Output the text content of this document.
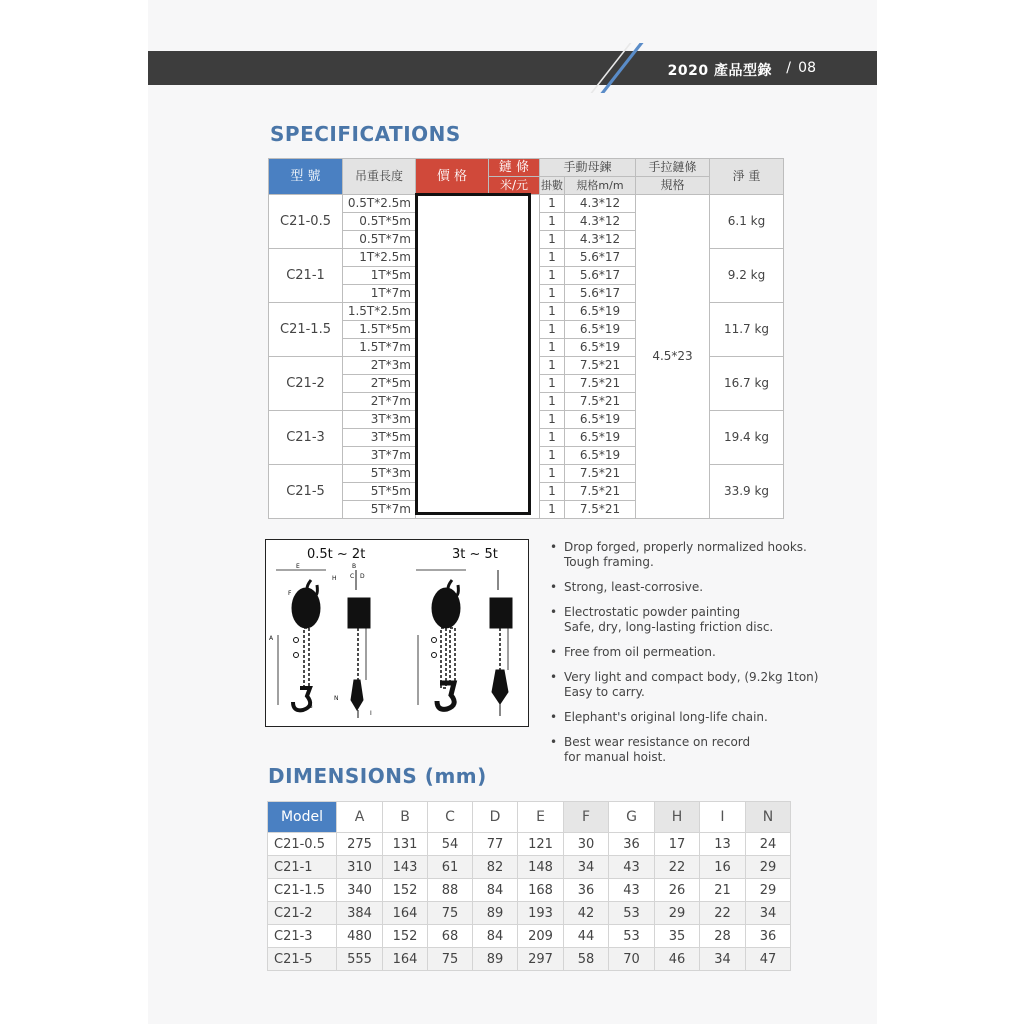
2020 產品型錄 / 08
SPECIFICATIONS
型 號	吊重長度	價 格	鏈 條	手動母鍊		手拉鏈條	淨 重
			米/元	掛數	規格m/m	規格	
C21-0.5	0.5T*2.5m			1	4.3*12	4.5*23	6.1 kg
	0.5T*5m			1	4.3*12		
	0.5T*7m			1	4.3*12		
C21-1	1T*2.5m			1	5.6*17		9.2 kg
	1T*5m			1	5.6*17		
	1T*7m			1	5.6*17		
C21-1.5	1.5T*2.5m			1	6.5*19		11.7 kg
	1.5T*5m			1	6.5*19		
	1.5T*7m			1	6.5*19		
C21-2	2T*3m			1	7.5*21		16.7 kg
	2T*5m			1	7.5*21		
	2T*7m			1	7.5*21		
C21-3	3T*3m			1	6.5*19		19.4 kg
	3T*5m			1	6.5*19		
	3T*7m			1	6.5*19		
C21-5	5T*3m			1	7.5*21		33.9 kg
	5T*5m			1	7.5*21		
	5T*7m			1	7.5*21		
0.5t ~ 2t	3t ~ 5t
E
F
A
G
H
B
C D
N
I
• Drop forged, properly normalized hooks.
Tough framing.
• Strong, least-corrosive.
• Electrostatic powder painting
Safe, dry, long-lasting friction disc.
• Free from oil permeation.
• Very light and compact body, (9.2kg 1ton)
Easy to carry.
• Elephant's original long-life chain.
• Best wear resistance on record
for manual hoist.
DIMENSIONS (mm)
Model	A	B	C	D	E	F	G	H	I	N
C21-0.5	275	131	54	77	121	30	36	17	13	24
C21-1	310	143	61	82	148	34	43	22	16	29
C21-1.5	340	152	88	84	168	36	43	26	21	29
C21-2	384	164	75	89	193	42	53	29	22	34
C21-3	480	152	68	84	209	44	53	35	28	36
C21-5	555	164	75	89	297	58	70	46	34	47
